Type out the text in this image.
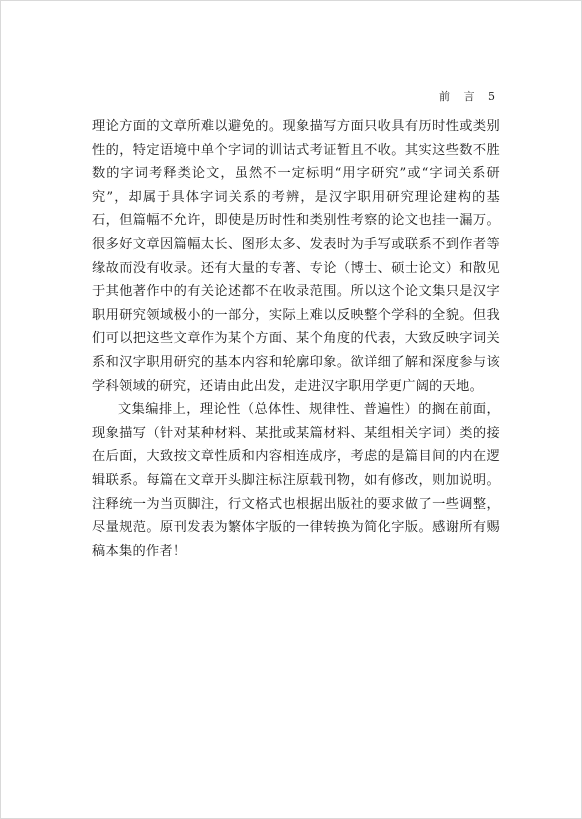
前 言 5

理论方面的文章所难以避免的。现象描写方面只收具有历时性或类别性的，特定语境中单个字词的训诂式考证暂且不收。其实这些数不胜数的字词考释类论文，虽然不一定标明“用字研究”或“字词关系研究”，却属于具体字词关系的考辨，是汉字职用研究理论建构的基石，但篇幅不允许，即使是历时性和类别性考察的论文也挂一漏万。很多好文章因篇幅太长、图形太多、发表时为手写或联系不到作者等缘故而没有收录。还有大量的专著、专论（博士、硕士论文）和散见于其他著作中的有关论述都不在收录范围。所以这个论文集只是汉字职用研究领域极小的一部分，实际上难以反映整个学科的全貌。但我们可以把这些文章作为某个方面、某个角度的代表，大致反映字词关系和汉字职用研究的基本内容和轮廓印象。欲详细了解和深度参与该学科领域的研究，还请由此出发，走进汉字职用学更广阔的天地。

文集编排上，理论性（总体性、规律性、普遍性）的搁在前面，现象描写（针对某种材料、某批或某篇材料、某组相关字词）类的接在后面，大致按文章性质和内容相连成序，考虑的是篇目间的内在逻辑联系。每篇在文章开头脚注标注原载刊物，如有修改，则加说明。注释统一为当页脚注，行文格式也根据出版社的要求做了一些调整，尽量规范。原刊发表为繁体字版的一律转换为简化字版。感谢所有赐稿本集的作者！
